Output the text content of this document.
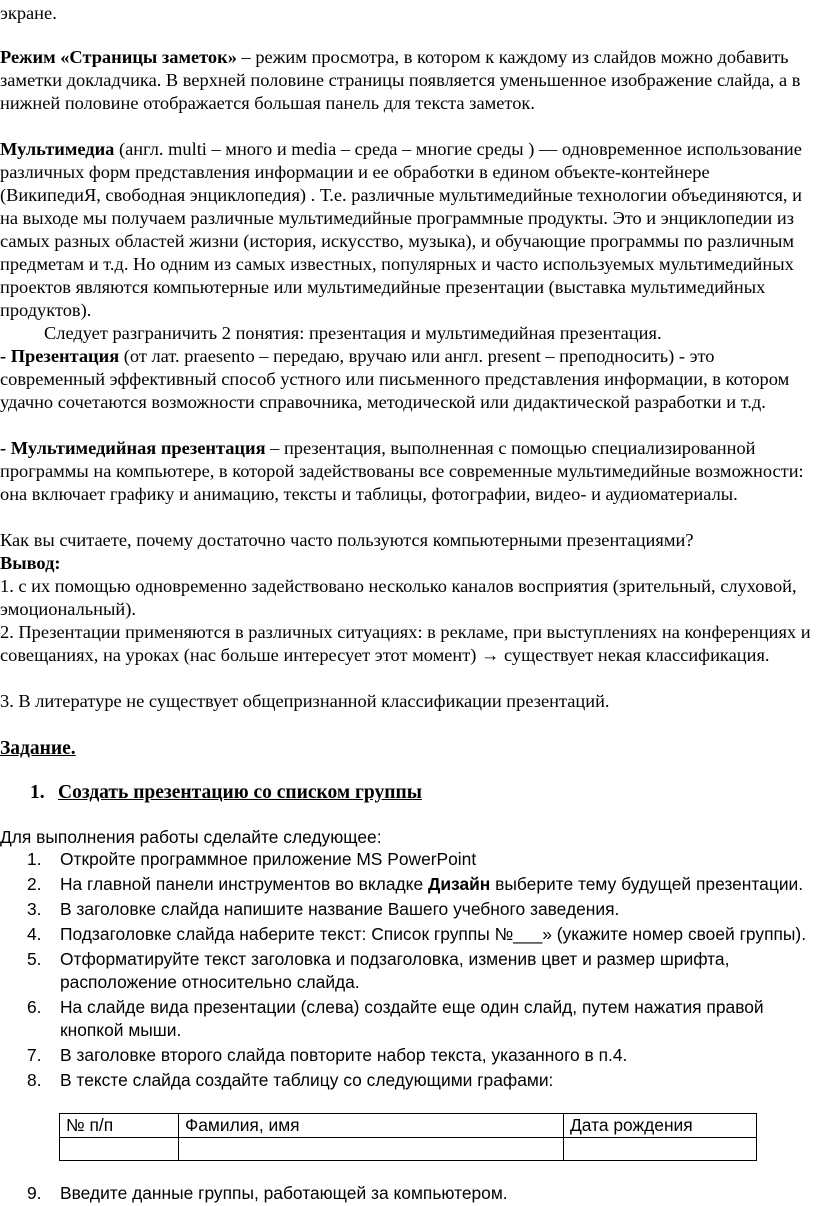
экране.

Режим «Страницы заметок» – режим просмотра, в котором к каждому из слайдов можно добавить заметки докладчика. В верхней половине страницы появляется уменьшенное изображение слайда, а в нижней половине отображается большая панель для текста заметок.

Мультимедиа (англ. multi – много и media – среда – многие среды ) — одновременное использование различных форм представления информации и ее обработки в едином объекте-контейнере (ВикипедиЯ, свободная энциклопедия) . Т.е. различные мультимедийные технологии объединяются, и на выходе мы получаем различные мультимедийные программные продукты. Это и энциклопедии из самых разных областей жизни (история, искусство, музыка), и обучающие программы по различным предметам и т.д. Но одним из самых известных, популярных и часто используемых мультимедийных проектов являются компьютерные или мультимедийные презентации (выставка мультимедийных продуктов).

Следует разграничить 2 понятия: презентация и мультимедийная презентация.

- Презентация (от лат. praesento – передаю, вручаю или англ. present – преподносить) - это современный эффективный способ устного или письменного представления информации, в котором удачно сочетаются возможности справочника, методической или дидактической разработки и т.д.

- Мультимедийная презентация – презентация, выполненная с помощью специализированной программы на компьютере, в которой задействованы все современные мультимедийные возможности: она включает графику и анимацию, тексты и таблицы, фотографии, видео- и аудиоматериалы.

Как вы считаете, почему достаточно часто пользуются компьютерными презентациями?

Вывод:

1. с их помощью одновременно задействовано несколько каналов восприятия (зрительный, слуховой, эмоциональный).

2. Презентации применяются в различных ситуациях: в рекламе, при выступлениях на конференциях и совещаниях, на уроках (нас больше интересует этот момент) → существует некая классификация.

3. В литературе не существует общепризнанной классификации презентаций.

Задание.

1. Создать презентацию со списком группы

Для выполнения работы сделайте следующее:

1. Откройте программное приложение MS PowerPoint
2. На главной панели инструментов во вкладке Дизайн выберите тему будущей презентации.
3. В заголовке слайда напишите название Вашего учебного заведения.
4. Подзаголовке слайда наберите текст: Список группы №___» (укажите номер своей группы).
5. Отформатируйте текст заголовка и подзаголовка, изменив цвет и размер шрифта, расположение относительно слайда.
6. На слайде вида презентации (слева) создайте еще один слайд, путем нажатия правой кнопкой мыши.
7. В заголовке второго слайда повторите набор текста, указанного в п.4.
8. В тексте слайда создайте таблицу со следующими графами:
№ п/п	Фамилия, имя	Дата рождения

9. Введите данные группы, работающей за компьютером.
